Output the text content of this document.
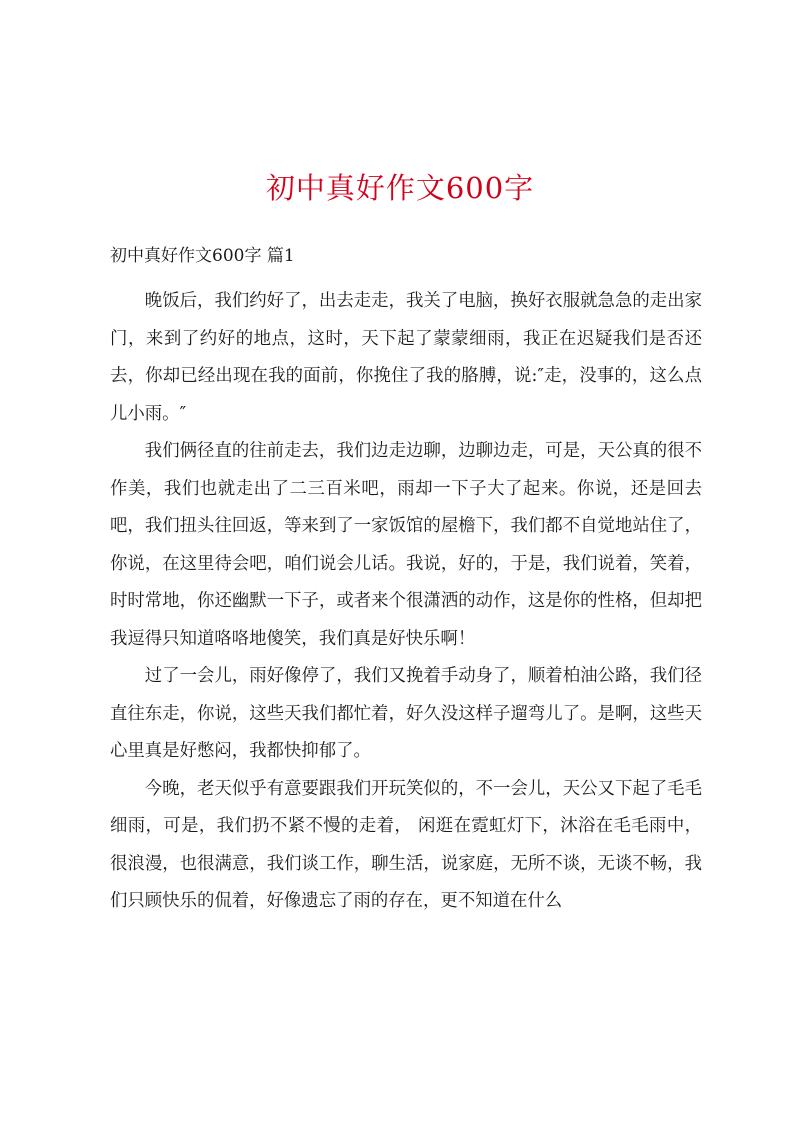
初中真好作文600字
初中真好作文600字 篇1

晚饭后，我们约好了，出去走走，我关了电脑，换好衣服就急急的走出家门，来到了约好的地点，这时，天下起了蒙蒙细雨，我正在迟疑我们是否还去，你却已经出现在我的面前，你挽住了我的胳膊，说:″走，没事的，这么点儿小雨。″

我们俩径直的往前走去，我们边走边聊，边聊边走，可是，天公真的很不作美，我们也就走出了二三百米吧，雨却一下子大了起来。你说，还是回去吧，我们扭头往回返，等来到了一家饭馆的屋檐下，我们都不自觉地站住了，你说，在这里待会吧，咱们说会儿话。我说，好的，于是，我们说着，笑着，时时常地，你还幽默一下子，或者来个很潇洒的动作，这是你的性格，但却把我逗得只知道咯咯地傻笑，我们真是好快乐啊！

过了一会儿，雨好像停了，我们又挽着手动身了，顺着柏油公路，我们径直往东走，你说，这些天我们都忙着，好久没这样子遛弯儿了。是啊，这些天心里真是好憋闷，我都快抑郁了。

今晚，老天似乎有意要跟我们开玩笑似的，不一会儿，天公又下起了毛毛细雨，可是，我们扔不紧不慢的走着， 闲逛在霓虹灯下，沐浴在毛毛雨中，很浪漫，也很满意，我们谈工作，聊生活，说家庭，无所不谈，无谈不畅，我们只顾快乐的侃着，好像遗忘了雨的存在，更不知道在什么
